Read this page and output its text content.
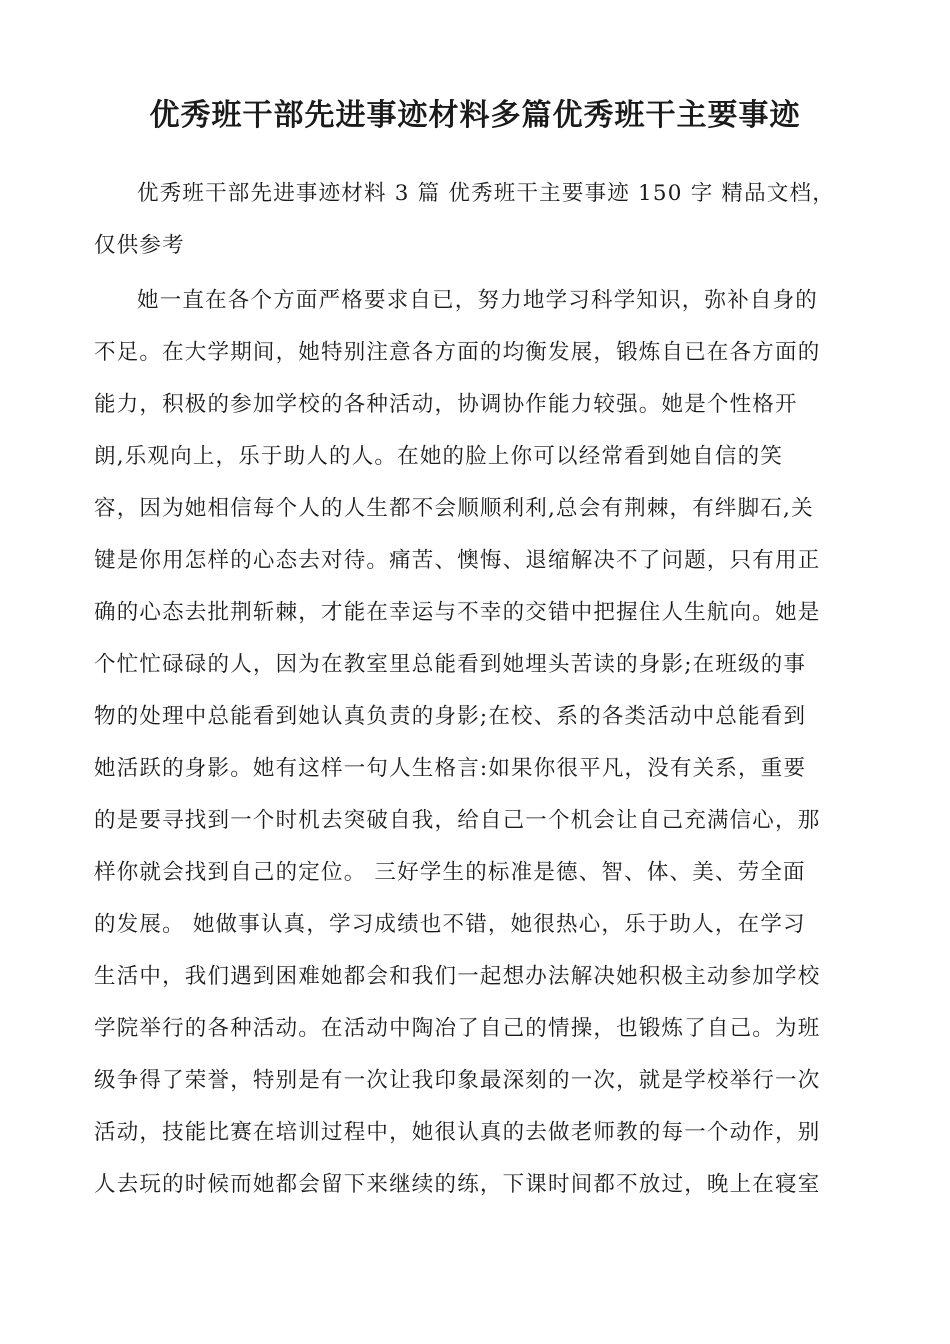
优秀班干部先进事迹材料多篇优秀班干主要事迹
优秀班干部先进事迹材料 3 篇 优秀班干主要事迹 150 字 精品文档，
仅供参考
她一直在各个方面严格要求自已，努力地学习科学知识，弥补自身的
不足。在大学期间，她特别注意各方面的均衡发展，锻炼自已在各方面的
能力，积极的参加学校的各种活动，协调协作能力较强。她是个性格开
朗,乐观向上，乐于助人的人。在她的脸上你可以经常看到她自信的笑
容，因为她相信每个人的人生都不会顺顺利利,总会有荆棘，有绊脚石,关
键是你用怎样的心态去对待。痛苦、懊悔、退缩解决不了问题，只有用正
确的心态去批荆斩棘，才能在幸运与不幸的交错中把握住人生航向。她是
个忙忙碌碌的人，因为在教室里总能看到她埋头苦读的身影;在班级的事
物的处理中总能看到她认真负责的身影;在校、系的各类活动中总能看到
她活跃的身影。她有这样一句人生格言:如果你很平凡，没有关系，重要
的是要寻找到一个时机去突破自我，给自己一个机会让自己充满信心，那
样你就会找到自己的定位。 三好学生的标准是德、智、体、美、劳全面
的发展。 她做事认真，学习成绩也不错，她很热心，乐于助人，在学习
生活中，我们遇到困难她都会和我们一起想办法解决她积极主动参加学校
学院举行的各种活动。在活动中陶冶了自己的情操，也锻炼了自己。为班
级争得了荣誉，特别是有一次让我印象最深刻的一次，就是学校举行一次
活动，技能比赛在培训过程中，她很认真的去做老师教的每一个动作，别
人去玩的时候而她都会留下来继续的练，下课时间都不放过，晚上在寝室
